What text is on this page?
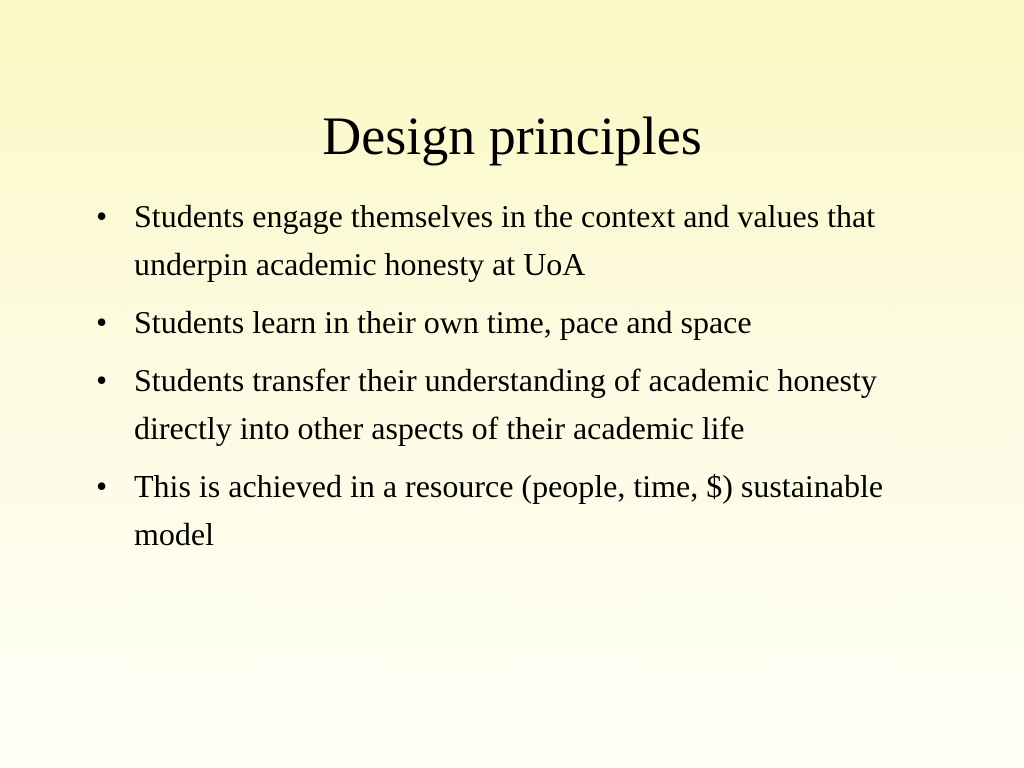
Design principles
• Students engage themselves in the context and values that underpin academic honesty at UoA
• Students learn in their own time, pace and space
• Students transfer their understanding of academic honesty directly into other aspects of their academic life
• This is achieved in a resource (people, time, $) sustainable model
